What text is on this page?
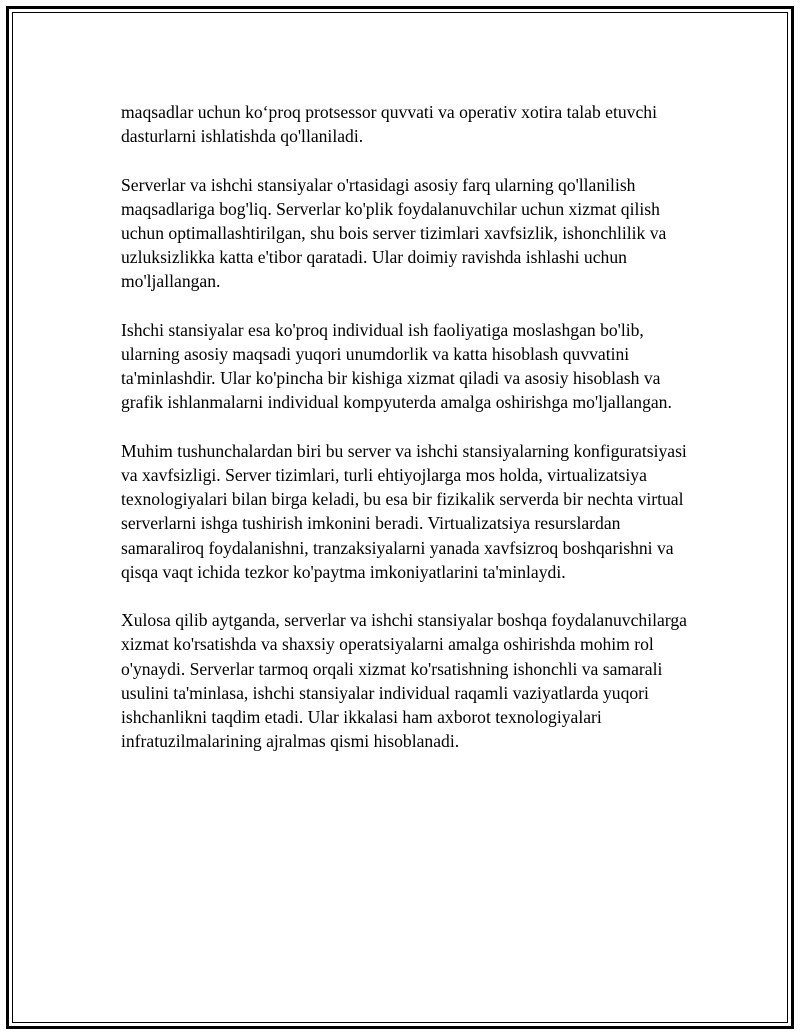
maqsadlar uchun ko‘proq protsessor quvvati va operativ xotira talab etuvchi dasturlarni ishlatishda qo'llaniladi.

Serverlar va ishchi stansiyalar o'rtasidagi asosiy farq ularning qo'llanilish maqsadlariga bog'liq. Serverlar ko'plik foydalanuvchilar uchun xizmat qilish uchun optimallashtirilgan, shu bois server tizimlari xavfsizlik, ishonchlilik va uzluksizlikka katta e'tibor qaratadi. Ular doimiy ravishda ishlashi uchun mo'ljallangan.

Ishchi stansiyalar esa ko'proq individual ish faoliyatiga moslashgan bo'lib, ularning asosiy maqsadi yuqori unumdorlik va katta hisoblash quvvatini ta'minlashdir. Ular ko'pincha bir kishiga xizmat qiladi va asosiy hisoblash va grafik ishlanmalarni individual kompyuterda amalga oshirishga mo'ljallangan.

Muhim tushunchalardan biri bu server va ishchi stansiyalarning konfiguratsiyasi va xavfsizligi. Server tizimlari, turli ehtiyojlarga mos holda, virtualizatsiya texnologiyalari bilan birga keladi, bu esa bir fizikalik serverda bir nechta virtual serverlarni ishga tushirish imkonini beradi. Virtualizatsiya resurslardan samaraliroq foydalanishni, tranzaksiyalarni yanada xavfsizroq boshqarishni va qisqa vaqt ichida tezkor ko'paytma imkoniyatlarini ta'minlaydi.

Xulosa qilib aytganda, serverlar va ishchi stansiyalar boshqa foydalanuvchilarga xizmat ko'rsatishda va shaxsiy operatsiyalarni amalga oshirishda mohim rol o'ynaydi. Serverlar tarmoq orqali xizmat ko'rsatishning ishonchli va samarali usulini ta'minlasa, ishchi stansiyalar individual raqamli vaziyatlarda yuqori ishchanlikni taqdim etadi. Ular ikkalasi ham axborot texnologiyalari infratuzilmalarining ajralmas qismi hisoblanadi.
